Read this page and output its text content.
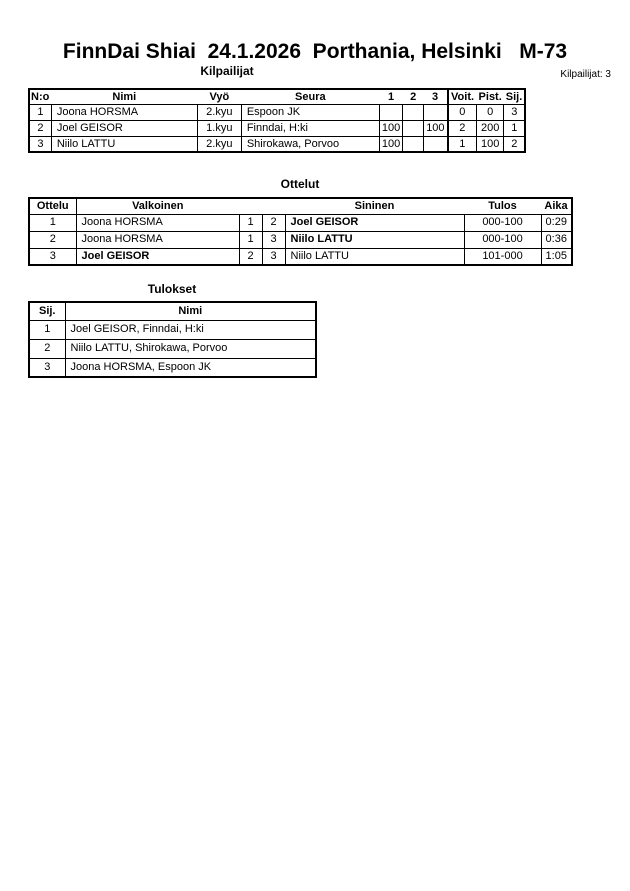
FinnDai Shiai  24.1.2026  Porthania, Helsinki   M-73
Kilpailijat	Kilpailijat: 3
N:o	Nimi	Vyö	Seura	1	2	3	Voit.	Pist.	Sij.
1	Joona HORSMA	2.kyu	Espoon JK				0	0	3
2	Joel GEISOR	1.kyu	Finndai, H:ki	100		100	2	200	1
3	Niilo LATTU	2.kyu	Shirokawa, Porvoo	100			1	100	2
Ottelut
Ottelu	Valkoinen			Sininen	Tulos	Aika
1	Joona HORSMA	1	2	Joel GEISOR	000-100	0:29
2	Joona HORSMA	1	3	Niilo LATTU	000-100	0:36
3	Joel GEISOR	2	3	Niilo LATTU	101-000	1:05
Tulokset
Sij.	Nimi
1	Joel GEISOR, Finndai, H:ki
2	Niilo LATTU, Shirokawa, Porvoo
3	Joona HORSMA, Espoon JK
